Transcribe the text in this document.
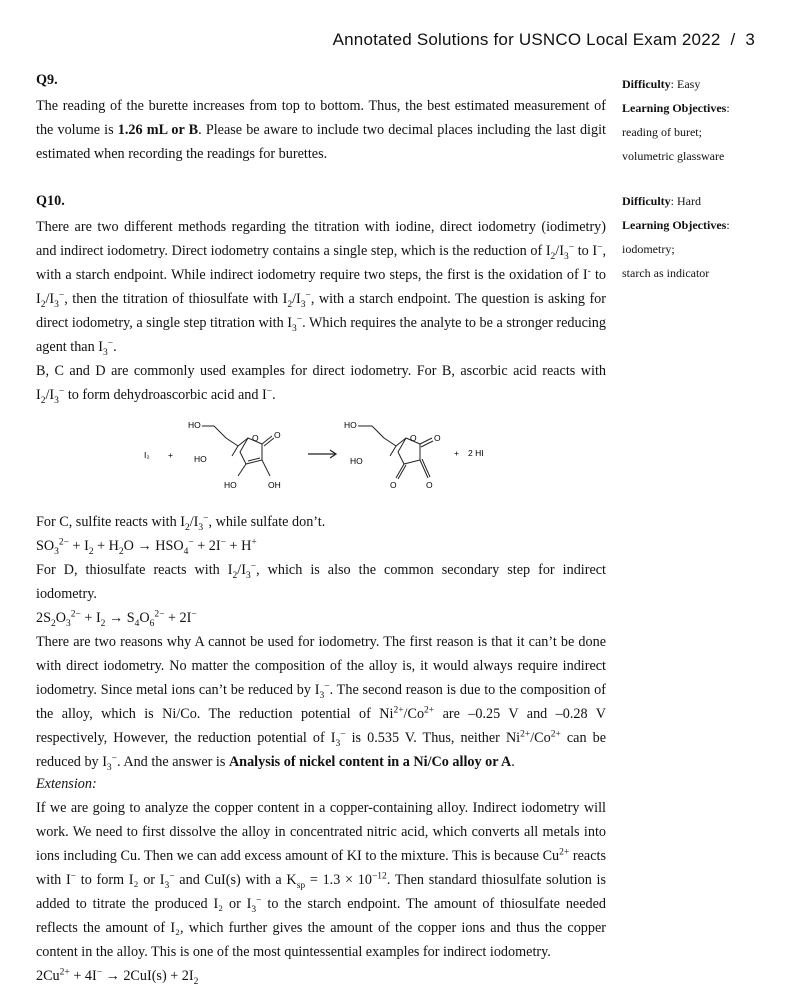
Annotated Solutions for USNCO Local Exam 2022 / 3

Q9.

The reading of the burette increases from top to bottom. Thus, the best estimated measurement of the volume is 1.26 mL or B. Please be aware to include two decimal places including the last digit estimated when recording the readings for burettes.

Difficulty: Easy
Learning Objectives:
reading of buret;
volumetric glassware

Q10.

There are two different methods regarding the titration with iodine, direct iodometry (iodimetry) and indirect iodometry. Direct iodometry contains a single step, which is the reduction of $I_2/I_3^-$ to I−, with a starch endpoint. While indirect iodometry require two steps, the first is the oxidation of I- to $I_2/I_3^-$, then the titration of thiosulfate with $I_2/I_3^-$, with a starch endpoint. The question is asking for direct iodometry, a single step titration with $I_3^-$. Which requires the analyte to be a stronger reducing agent than $I_3^-$.

B, C and D are commonly used examples for direct iodometry. For B, ascorbic acid reacts with $I_2/I_3^-$ to form dehydroascorbic acid and I−.

Difficulty: Hard
Learning Objectives:
iodometry;
starch as indicator
I₂ +
HO
HO
HO	OH
O O
HO
HO
O O
O	O
+ 2 HI

For C, sulfite reacts with $I_2/I_3^-$, while sulfate don’t.

$SO_3^{2-} + I_2 + H_2O \to HSO_4^- + 2I^- + H^+$

For D, thiosulfate reacts with $I_2/I_3^-$, which is also the common secondary step for indirect iodometry.

$2S_2O_3^{2-} + I_2 \to S_4O_6^{2-} + 2I^-$

There are two reasons why A cannot be used for iodometry. The first reason is that it can’t be done with direct iodometry. No matter the composition of the alloy is, it would always require indirect iodometry. Since metal ions can’t be reduced by $I_3^-$. The second reason is due to the composition of the alloy, which is Ni/Co. The reduction potential of $Ni^{2+}/Co^{2+}$ are –0.25 V and –0.28 V respectively, However, the reduction potential of $I_3^-$ is 0.535 V. Thus, neither $Ni^{2+}/Co^{2+}$ can be reduced by $I_3^-$. And the answer is Analysis of nickel content in a Ni/Co alloy or A.

Extension:

If we are going to analyze the copper content in a copper-containing alloy. Indirect iodometry will work. We need to first dissolve the alloy in concentrated nitric acid, which converts all metals into ions including Cu. Then we can add excess amount of KI to the mixture. This is because $Cu^{2+}$ reacts with I− to form I₂ or $I_3^-$ and CuI(s) with a $K_{sp} = 1.3 \times 10^{-12}$. Then standard thiosulfate solution is added to titrate the produced I₂ or $I_3^-$ to the starch endpoint. The amount of thiosulfate needed reflects the amount of I₂, which further gives the amount of the copper ions and thus the copper content in the alloy. This is one of the most quintessential examples for indirect iodometry.

$2Cu^{2+} + 4I^- \to 2CuI(s) + 2I_2$
